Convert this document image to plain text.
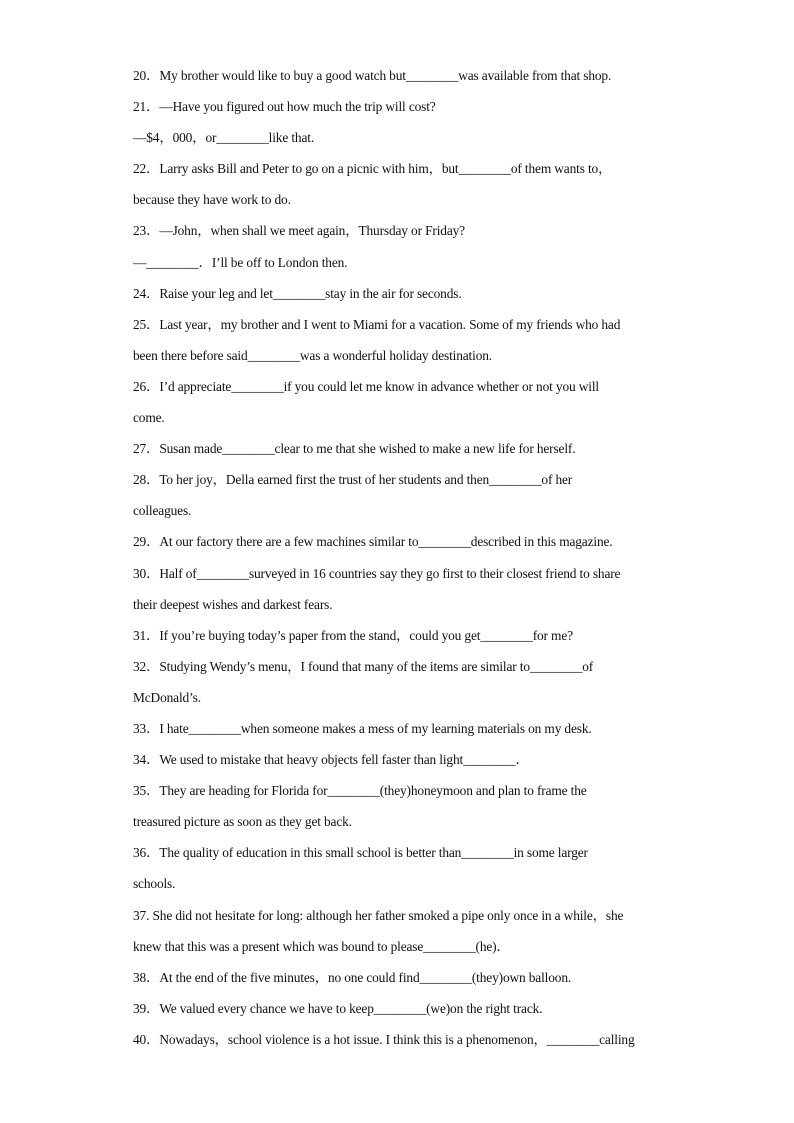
20．My brother would like to buy a good watch but________was available from that shop.
21．—Have you figured out how much the trip will cost?
—$4，000，or________like that.
22．Larry asks Bill and Peter to go on a picnic with him，but________of them wants to，
because they have work to do.
23．—John，when shall we meet again，Thursday or Friday?
—________．I’ll be off to London then.
24．Raise your leg and let________stay in the air for seconds.
25．Last year，my brother and I went to Miami for a vacation. Some of my friends who had
been there before said________was a wonderful holiday destination.
26．I’d appreciate________if you could let me know in advance whether or not you will
come.
27．Susan made________clear to me that she wished to make a new life for herself.
28．To her joy，Della earned first the trust of her students and then________of her
colleagues.
29．At our factory there are a few machines similar to________described in this magazine.
30．Half of________surveyed in 16 countries say they go first to their closest friend to share
their deepest wishes and darkest fears.
31．If you’re buying today’s paper from the stand，could you get________for me?
32．Studying Wendy’s menu，I found that many of the items are similar to________of
McDonald’s.
33．I hate________when someone makes a mess of my learning materials on my desk.
34．We used to mistake that heavy objects fell faster than light________．
35．They are heading for Florida for________(they)honeymoon and plan to frame the
treasured picture as soon as they get back.
36．The quality of education in this small school is better than________in some larger
schools.
37. She did not hesitate for long: although her father smoked a pipe only once in a while，she
knew that this was a present which was bound to please________(he)．
38．At the end of the five minutes，no one could find________(they)own balloon.
39．We valued every chance we have to keep________(we)on the right track.
40．Nowadays，school violence is a hot issue. I think this is a phenomenon，________calling
